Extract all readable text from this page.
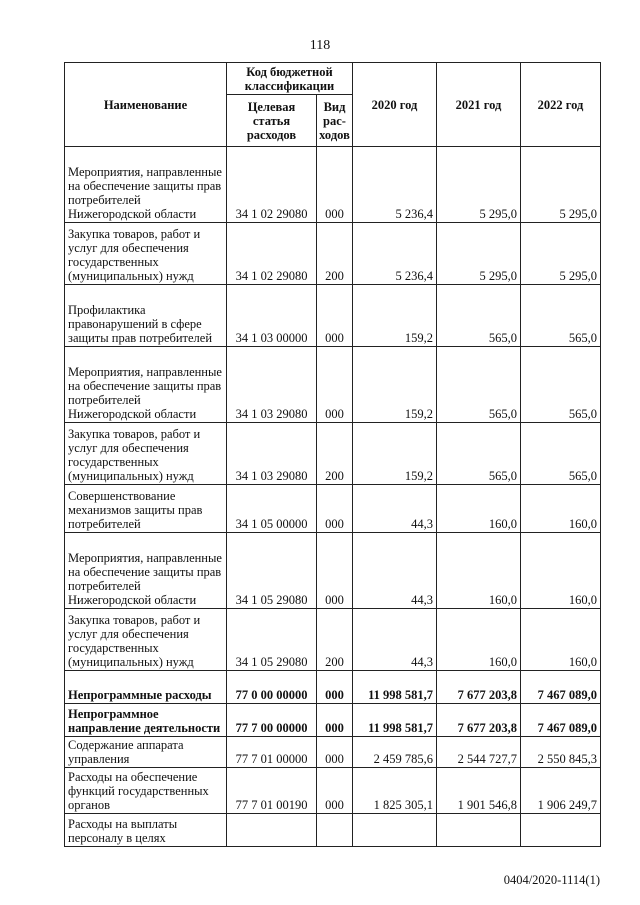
118
Наименование	Код бюджетной классификации		2020 год	2021 год	2022 год
	Целевая статья расходов	Вид рас-ходов			
Мероприятия, направленные на обеспечение защиты прав потребителей Нижегородской области	34 1 02 29080	000	5 236,4	5 295,0	5 295,0
Закупка товаров, работ и услуг для обеспечения государственных (муниципальных) нужд	34 1 02 29080	200	5 236,4	5 295,0	5 295,0
Профилактика правонарушений в сфере защиты прав потребителей	34 1 03 00000	000	159,2	565,0	565,0
Мероприятия, направленные на обеспечение защиты прав потребителей Нижегородской области	34 1 03 29080	000	159,2	565,0	565,0
Закупка товаров, работ и услуг для обеспечения государственных (муниципальных) нужд	34 1 03 29080	200	159,2	565,0	565,0
Совершенствование механизмов защиты прав потребителей	34 1 05 00000	000	44,3	160,0	160,0
Мероприятия, направленные на обеспечение защиты прав потребителей Нижегородской области	34 1 05 29080	000	44,3	160,0	160,0
Закупка товаров, работ и услуг для обеспечения государственных (муниципальных) нужд	34 1 05 29080	200	44,3	160,0	160,0
Непрограммные расходы	77 0 00 00000	000	11 998 581,7	7 677 203,8	7 467 089,0
Непрограммное направление деятельности	77 7 00 00000	000	11 998 581,7	7 677 203,8	7 467 089,0
Содержание аппарата управления	77 7 01 00000	000	2 459 785,6	2 544 727,7	2 550 845,3
Расходы на обеспечение функций государственных органов	77 7 01 00190	000	1 825 305,1	1 901 546,8	1 906 249,7
Расходы на выплаты персоналу в целях					
0404/2020-1114(1)
